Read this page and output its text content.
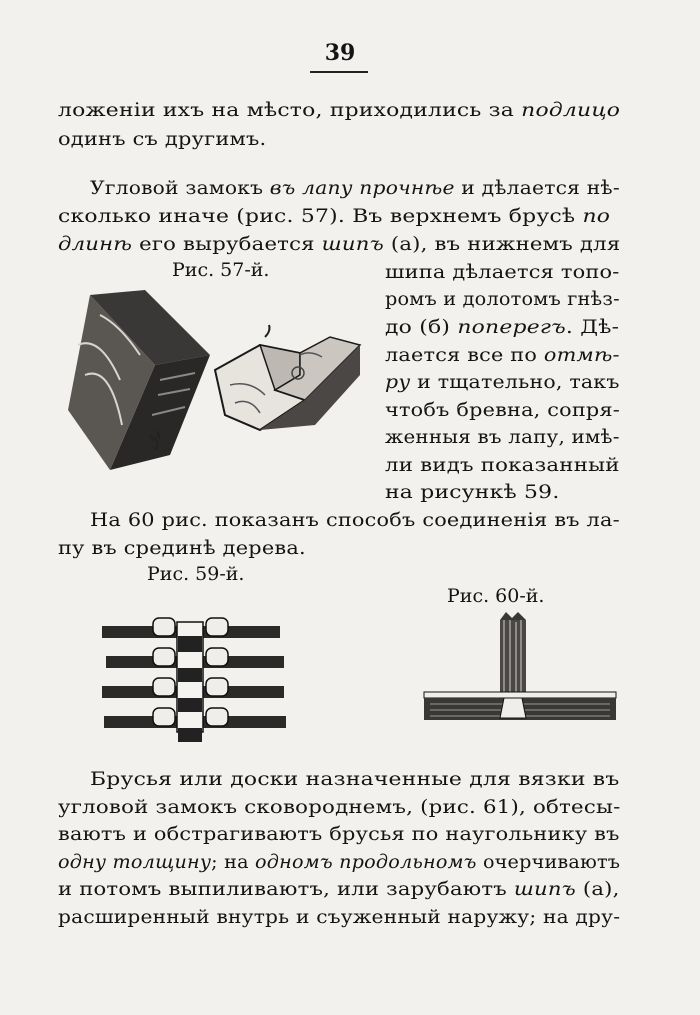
39
ложеніи ихъ на мѣсто, приходились за подлицо
одинъ съ другимъ.
Угловой замокъ въ лапу прочнѣе и дѣлается нѣ-
сколько иначе (рис. 57). Въ верхнемъ брусѣ по
длинѣ его вырубается шипъ (а), въ нижнемъ для
шипа дѣлается топо-
ромъ и долотомъ гнѣз-
до (б) поперегъ. Дѣ-
лается все по отмѣ-
ру и тщательно, такъ
чтобъ бревна, сопря-
женныя въ лапу, имѣ-
ли видъ показанный
на рисункѣ 59.
На 60 рис. показанъ способъ соединенія въ ла-
пу въ срединѣ дерева.
Брусья или доски назначенные для вязки въ
угловой замокъ сковороднемъ, (рис. 61), обтесы-
ваютъ и обстрагиваютъ брусья по наугольнику въ
одну толщину; на одномъ продольномъ очерчиваютъ
и потомъ выпиливаютъ, или зарубаютъ шипъ (а),
расширенный внутрь и съуженный наружу; на дру-
Рис. 57-й.
Рис. 59-й.
Рис. 60-й.
